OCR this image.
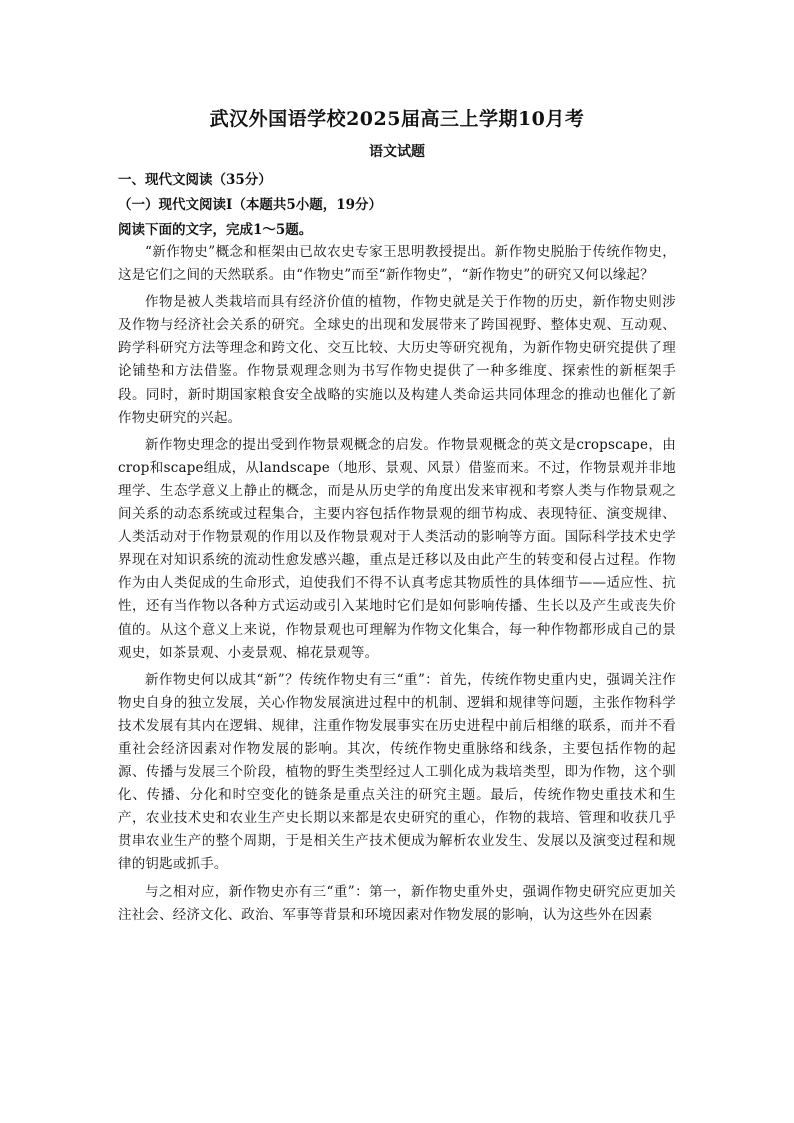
武汉外国语学校2025届高三上学期10月考
语文试题
一、现代文阅读（35分）
（一）现代文阅读Ⅰ（本题共5小题，19分）
阅读下面的文字，完成1～5题。

“新作物史”概念和框架由已故农史专家王思明教授提出。新作物史脱胎于传统作物史，这是它们之间的天然联系。由“作物史”而至“新作物史”，“新作物史”的研究又何以缘起？

作物是被人类栽培而具有经济价值的植物，作物史就是关于作物的历史，新作物史则涉及作物与经济社会关系的研究。全球史的出现和发展带来了跨国视野、整体史观、互动观、跨学科研究方法等理念和跨文化、交互比较、大历史等研究视角，为新作物史研究提供了理论铺垫和方法借鉴。作物景观理念则为书写作物史提供了一种多维度、探索性的新框架手段。同时，新时期国家粮食安全战略的实施以及构建人类命运共同体理念的推动也催化了新作物史研究的兴起。

新作物史理念的提出受到作物景观概念的启发。作物景观概念的英文是cropscape，由crop和scape组成，从landscape（地形、景观、风景）借鉴而来。不过，作物景观并非地理学、生态学意义上静止的概念，而是从历史学的角度出发来审视和考察人类与作物景观之间关系的动态系统或过程集合，主要内容包括作物景观的细节构成、表现特征、演变规律、人类活动对于作物景观的作用以及作物景观对于人类活动的影响等方面。国际科学技术史学界现在对知识系统的流动性愈发感兴趣，重点是迁移以及由此产生的转变和侵占过程。作物作为由人类促成的生命形式，迫使我们不得不认真考虑其物质性的具体细节——适应性、抗性，还有当作物以各种方式运动或引入某地时它们是如何影响传播、生长以及产生或丧失价值的。从这个意义上来说，作物景观也可理解为作物文化集合，每一种作物都形成自己的景观史，如茶景观、小麦景观、棉花景观等。

新作物史何以成其“新”？传统作物史有三“重”：首先，传统作物史重内史，强调关注作物史自身的独立发展，关心作物发展演进过程中的机制、逻辑和规律等问题，主张作物科学技术发展有其内在逻辑、规律，注重作物发展事实在历史进程中前后相继的联系，而并不看重社会经济因素对作物发展的影响。其次，传统作物史重脉络和线条，主要包括作物的起源、传播与发展三个阶段，植物的野生类型经过人工驯化成为栽培类型，即为作物，这个驯化、传播、分化和时空变化的链条是重点关注的研究主题。最后，传统作物史重技术和生产，农业技术史和农业生产史长期以来都是农史研究的重心，作物的栽培、管理和收获几乎贯串农业生产的整个周期，于是相关生产技术便成为解析农业发生、发展以及演变过程和规律的钥匙或抓手。

与之相对应，新作物史亦有三“重”：第一，新作物史重外史，强调作物史研究应更加关注社会、经济文化、政治、军事等背景和环境因素对作物发展的影响，认为这些外在因素
